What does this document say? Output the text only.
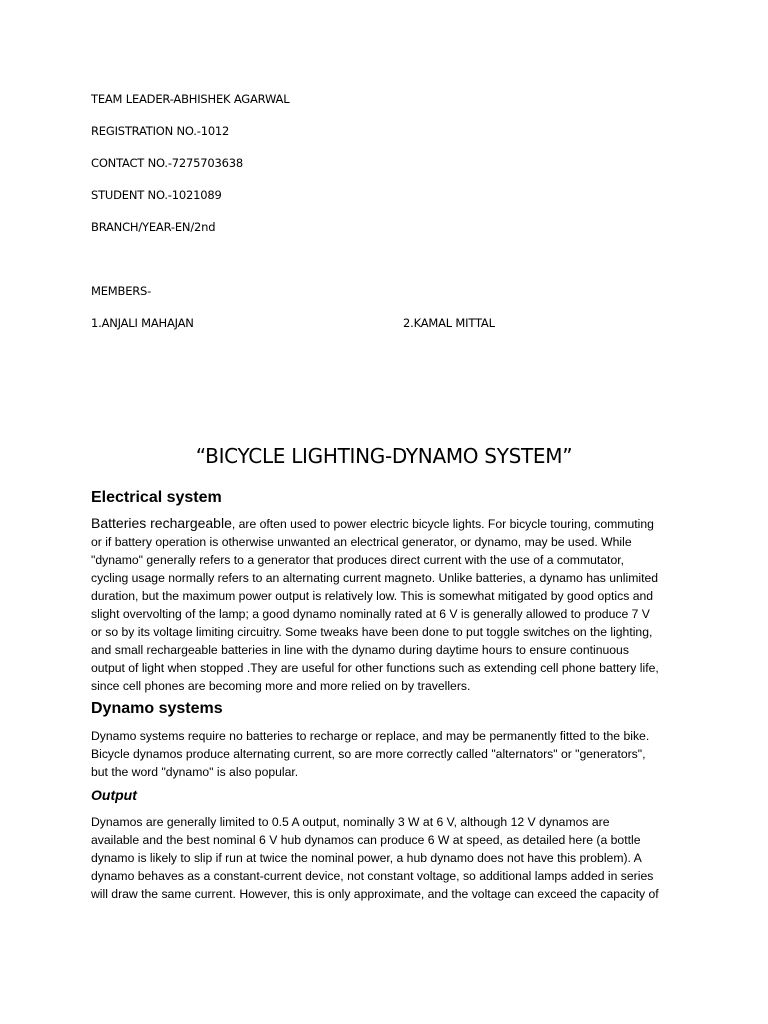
TEAM LEADER-ABHISHEK AGARWAL
REGISTRATION NO.-1012
CONTACT NO.-7275703638
STUDENT NO.-1021089
BRANCH/YEAR-EN/2nd
MEMBERS-
1.ANJALI MAHAJAN	2.KAMAL MITTAL
“BICYCLE LIGHTING-DYNAMO SYSTEM”
Electrical system
Batteries rechargeable, are often used to power electric bicycle lights. For bicycle touring, commuting
or if battery operation is otherwise unwanted an electrical generator, or dynamo, may be used. While
"dynamo" generally refers to a generator that produces direct current with the use of a commutator,
cycling usage normally refers to an alternating current magneto. Unlike batteries, a dynamo has unlimited
duration, but the maximum power output is relatively low. This is somewhat mitigated by good optics and
slight overvolting of the lamp; a good dynamo nominally rated at 6 V is generally allowed to produce 7 V
or so by its voltage limiting circuitry. Some tweaks have been done to put toggle switches on the lighting,
and small rechargeable batteries in line with the dynamo during daytime hours to ensure continuous
output of light when stopped .They are useful for other functions such as extending cell phone battery life,
since cell phones are becoming more and more relied on by travellers.
Dynamo systems
Dynamo systems require no batteries to recharge or replace, and may be permanently fitted to the bike.
Bicycle dynamos produce alternating current, so are more correctly called "alternators" or "generators",
but the word "dynamo" is also popular.
Output
Dynamos are generally limited to 0.5 A output, nominally 3 W at 6 V, although 12 V dynamos are
available and the best nominal 6 V hub dynamos can produce 6 W at speed, as detailed here (a bottle
dynamo is likely to slip if run at twice the nominal power, a hub dynamo does not have this problem). A
dynamo behaves as a constant-current device, not constant voltage, so additional lamps added in series
will draw the same current. However, this is only approximate, and the voltage can exceed the capacity of
